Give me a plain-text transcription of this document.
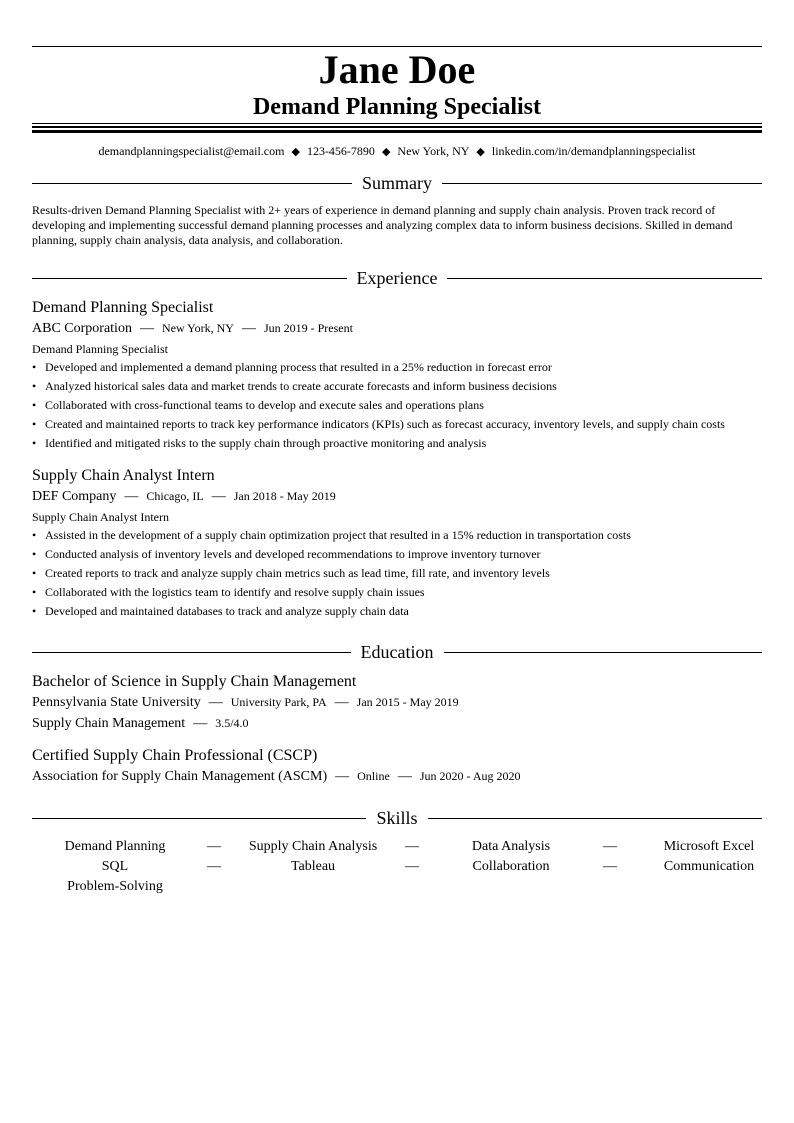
Jane Doe
Demand Planning Specialist
demandplanningspecialist@email.com ◆ 123-456-7890 ◆ New York, NY ◆ linkedin.com/in/demandplanningspecialist
Summary
Results-driven Demand Planning Specialist with 2+ years of experience in demand planning and supply chain analysis. Proven track record of developing and implementing successful demand planning processes and analyzing complex data to inform business decisions. Skilled in demand planning, supply chain analysis, data analysis, and collaboration.
Experience
Demand Planning Specialist
ABC Corporation — New York, NY — Jun 2019 - Present
Demand Planning Specialist
• Developed and implemented a demand planning process that resulted in a 25% reduction in forecast error
• Analyzed historical sales data and market trends to create accurate forecasts and inform business decisions
• Collaborated with cross-functional teams to develop and execute sales and operations plans
• Created and maintained reports to track key performance indicators (KPIs) such as forecast accuracy, inventory levels, and supply chain costs
• Identified and mitigated risks to the supply chain through proactive monitoring and analysis
Supply Chain Analyst Intern
DEF Company — Chicago, IL — Jan 2018 - May 2019
Supply Chain Analyst Intern
• Assisted in the development of a supply chain optimization project that resulted in a 15% reduction in transportation costs
• Conducted analysis of inventory levels and developed recommendations to improve inventory turnover
• Created reports to track and analyze supply chain metrics such as lead time, fill rate, and inventory levels
• Collaborated with the logistics team to identify and resolve supply chain issues
• Developed and maintained databases to track and analyze supply chain data
Education
Bachelor of Science in Supply Chain Management
Pennsylvania State University — University Park, PA — Jan 2015 - May 2019
Supply Chain Management — 3.5/4.0
Certified Supply Chain Professional (CSCP)
Association for Supply Chain Management (ASCM) — Online — Jun 2020 - Aug 2020
Skills
Demand Planning	—	Supply Chain Analysis	—	Data Analysis	—	Microsoft Excel
SQL	—	Tableau	—	Collaboration	—	Communication
Problem-Solving
